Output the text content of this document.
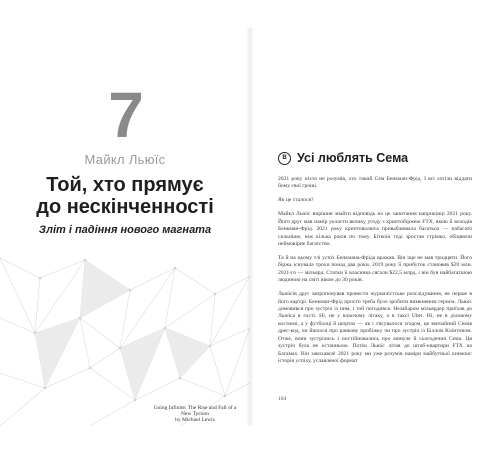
7
Майкл Льюїс
Той, хто прямує
до нескінченності
Зліт і падіння нового магната
Going Infinite: The Rise and Fall of a New Tycoon
by Michael Lewis
B Усі люблять Сема

2021 року ніхто не розумів, хто такий Сем Бенкман-Фрід. І всі хотіли віддати йому свої гроші.

Як це сталося?

Майкл Льюїс вирішив знайти відповідь на це запитання наприкінці 2021 року. Його друг мав намір укласти велику угоду з криптобіржею FTX, якою й володів Бенкман-Фрід. 2021 року криптовалюта приваблювала багатьох — набагато сильніше, ніж кілька років по тому. Біткоїн тоді зростав стрімко, обіцяючи неймовірне багатство.

Та й на цьому тлі успіх Бенкмана-Фріда вражав. Він іще не мав тридцяти. Його біржа існувала трохи понад два роки. 2019 року її прибуток становив $20 млн. 2021-го — мільярд. Статки її власника сягали $22,5 млрд, і він був найбагатшою людиною на світі віком до 30 років.

Льюїсів друг запропонував провести журналістське розслідування, не перше в його кар'єрі. Бенкман-Фрід просто треба було зробити вимкненим героєм. Льюїс домовився про зустріч із ним, і той погодився. Незабаром мільярдер приїхав до Льюїса в гості. Ні, не у власному літаку, а в таксі Uber. Ні, не в діловому костюмі, а у футболці й шортах — як і з'ясувалося згодом, це звичайний Семів дрес-код, чи йшлося про ранкову пробіжку чи про зустріч із Біллом Клінтоном. Отже, вони зустрілись і постійновались про минуле й сьогодення Сема. Ця зустріч була не останньою. Потім Льюїс літав до штаб-квартири FTX на Багамах. Він закохався! 2021 року ми уже розумів наміри майбутньої книжки: історія успіху, уславленої формат

104
